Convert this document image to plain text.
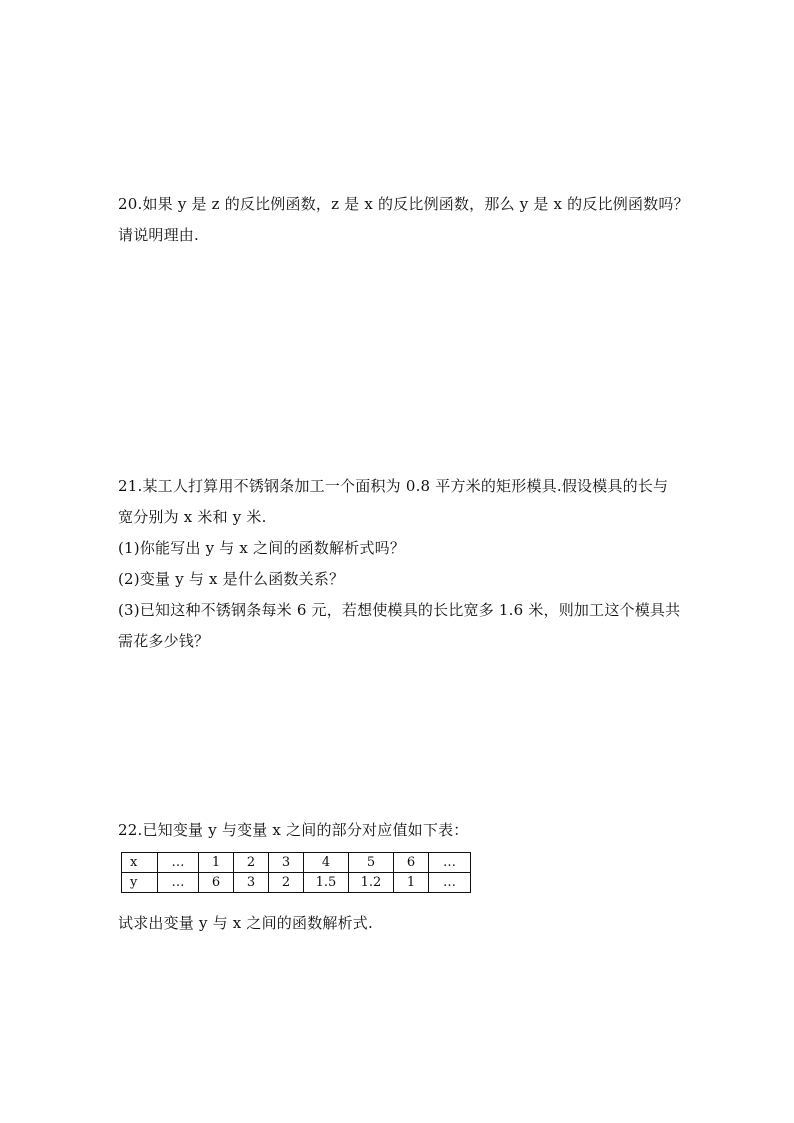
20.如果 y 是 z 的反比例函数，z 是 x 的反比例函数，那么 y 是 x 的反比例函数吗？
请说明理由.
21.某工人打算用不锈钢条加工一个面积为 0.8 平方米的矩形模具.假设模具的长与
宽分别为 x 米和 y 米.
(1)你能写出 y 与 x 之间的函数解析式吗？
(2)变量 y 与 x 是什么函数关系？
(3)已知这种不锈钢条每米 6 元，若想使模具的长比宽多 1.6 米，则加工这个模具共
需花多少钱？
22.已知变量 y 与变量 x 之间的部分对应值如下表：
x	…	1	2	3	4	5	6	…
y	…	6	3	2	1.5	1.2	1	…
试求出变量 y 与 x 之间的函数解析式.
